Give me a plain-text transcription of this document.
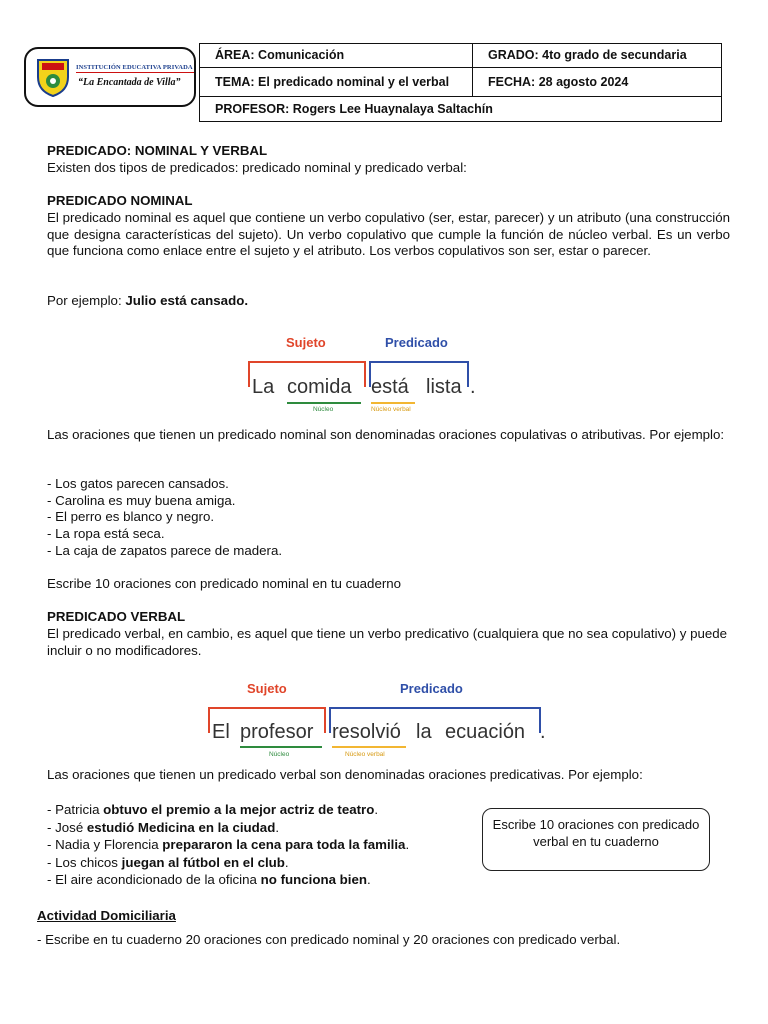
INSTITUCIÓN EDUCATIVA PRIVADA
“La Encantada de Villa”
ÁREA: Comunicación	GRADO: 4to grado de secundaria
TEMA: El predicado nominal y el verbal	FECHA: 28 agosto 2024
PROFESOR: Rogers Lee Huaynalaya Saltachín	
PREDICADO: NOMINAL Y VERBAL
Existen dos tipos de predicados: predicado nominal y predicado verbal:
PREDICADO NOMINAL
El predicado nominal es aquel que contiene un verbo copulativo (ser, estar, parecer) y un atributo (una construcción que designa características del sujeto). Un verbo copulativo que cumple la función de núcleo verbal. Es un verbo que funciona como enlace entre el sujeto y el atributo. Los verbos copulativos son ser, estar o parecer.
Por ejemplo: Julio está cansado.
Sujeto	Predicado
La comida está lista .
Núcleo	Núcleo verbal
Las oraciones que tienen un predicado nominal son denominadas oraciones copulativas o atributivas. Por ejemplo:
- Los gatos parecen cansados.
- Carolina es muy buena amiga.
- El perro es blanco y negro.
- La ropa está seca.
- La caja de zapatos parece de madera.
Escribe 10 oraciones con predicado nominal en tu cuaderno
PREDICADO VERBAL
El predicado verbal, en cambio, es aquel que tiene un verbo predicativo (cualquiera que no sea copulativo) y puede incluir o no modificadores.
Sujeto	Predicado
El profesor resolvió la ecuación .
Núcleo	Núcleo verbal
Las oraciones que tienen un predicado verbal son denominadas oraciones predicativas. Por ejemplo:
- Patricia obtuvo el premio a la mejor actriz de teatro.
- José estudió Medicina en la ciudad.
- Nadia y Florencia prepararon la cena para toda la familia.
- Los chicos juegan al fútbol en el club.
- El aire acondicionado de la oficina no funciona bien.
Escribe 10 oraciones con predicado verbal en tu cuaderno
Actividad Domiciliaria
- Escribe en tu cuaderno 20 oraciones con predicado nominal y 20 oraciones con predicado verbal.
